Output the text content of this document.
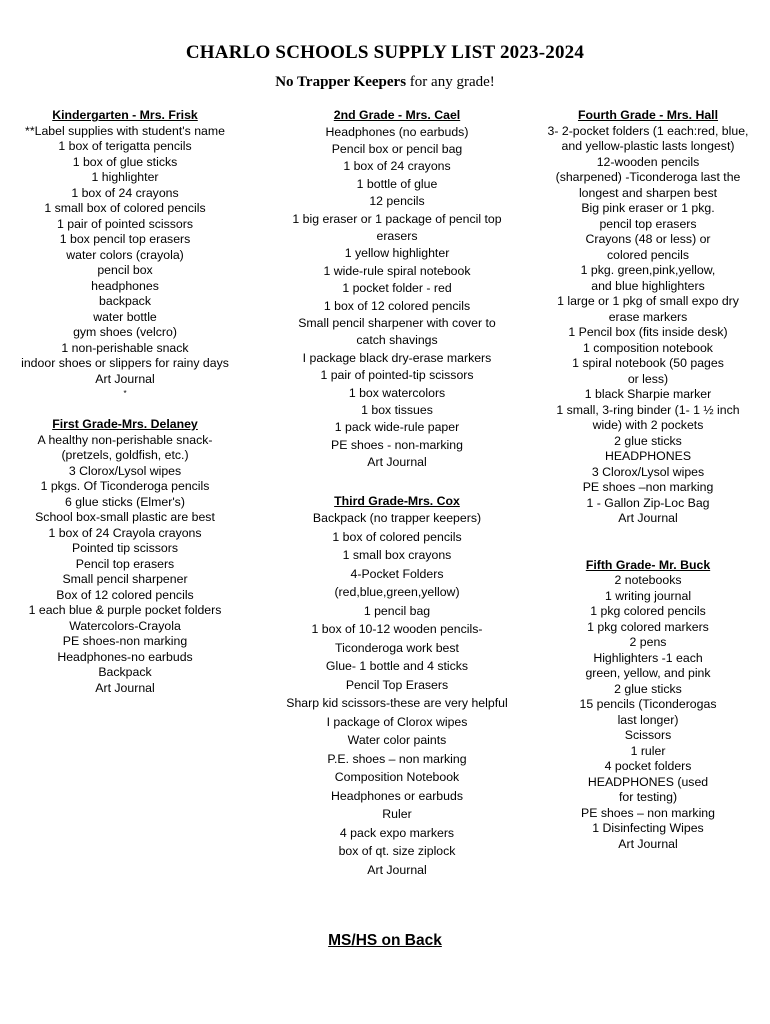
CHARLO SCHOOLS SUPPLY LIST 2023-2024
No Trapper Keepers for any grade!
Kindergarten - Mrs. Frisk
**Label supplies with student's name
1 box of terigatta pencils
1 box of glue sticks
1 highlighter
1 box of 24 crayons
1 small box of colored pencils
1 pair of pointed scissors
1 box pencil top erasers
water colors (crayola)
pencil box
headphones
backpack
water bottle
gym shoes (velcro)
1 non-perishable snack
indoor shoes or slippers for rainy days
Art Journal
*
First Grade-Mrs. Delaney
A healthy non-perishable snack-
(pretzels, goldfish, etc.)
3 Clorox/Lysol wipes
1 pkgs. Of Ticonderoga pencils
6 glue sticks (Elmer's)
School box-small plastic are best
1 box of 24 Crayola crayons
Pointed tip scissors
Pencil top erasers
Small pencil sharpener
Box of 12 colored pencils
1 each blue & purple pocket folders
Watercolors-Crayola
PE shoes-non marking
Headphones-no earbuds
Backpack
Art Journal
2nd Grade - Mrs. Cael
Headphones (no earbuds)
Pencil box or pencil bag
1 box of 24 crayons
1 bottle of glue
12 pencils
1 big eraser or 1 package of pencil top
erasers
1 yellow highlighter
1 wide-rule spiral notebook
1 pocket folder - red
1 box of 12 colored pencils
Small pencil sharpener with cover to
catch shavings
I package black dry-erase markers
1 pair of pointed-tip scissors
1 box watercolors
1 box tissues
1 pack wide-rule paper
PE shoes - non-marking
Art Journal
Third Grade-Mrs. Cox
Backpack (no trapper keepers)
1 box of colored pencils
1 small box crayons
4-Pocket Folders
(red,blue,green,yellow)
1 pencil bag
1 box of 10-12 wooden pencils-
Ticonderoga work best
Glue- 1 bottle and 4 sticks
Pencil Top Erasers
Sharp kid scissors-these are very helpful
I package of Clorox wipes
Water color paints
P.E. shoes – non marking
Composition Notebook
Headphones or earbuds
Ruler
4 pack expo markers
box of qt. size ziplock
Art Journal
Fourth Grade - Mrs. Hall
3- 2-pocket folders (1 each:red, blue,
and yellow-plastic lasts longest)
12-wooden pencils
(sharpened) -Ticonderoga last the
longest and sharpen best
Big pink eraser or 1 pkg.
pencil top erasers
Crayons (48 or less) or
colored pencils
1 pkg. green,pink,yellow,
and blue highlighters
1 large or 1 pkg of small expo dry
erase markers
1 Pencil box (fits inside desk)
1 composition notebook
1 spiral notebook (50 pages
or less)
1 black Sharpie marker
1 small, 3-ring binder (1- 1 ½ inch
wide) with 2 pockets
2 glue sticks
HEADPHONES
3 Clorox/Lysol wipes
PE shoes –non marking
1 - Gallon Zip-Loc Bag
Art Journal
Fifth Grade- Mr. Buck
2 notebooks
1 writing journal
1 pkg colored pencils
1 pkg colored markers
2 pens
Highlighters -1 each
green, yellow, and pink
2 glue sticks
15 pencils (Ticonderogas
last longer)
Scissors
1 ruler
4 pocket folders
HEADPHONES (used
for testing)
PE shoes – non marking
1 Disinfecting Wipes
Art Journal
MS/HS on Back
